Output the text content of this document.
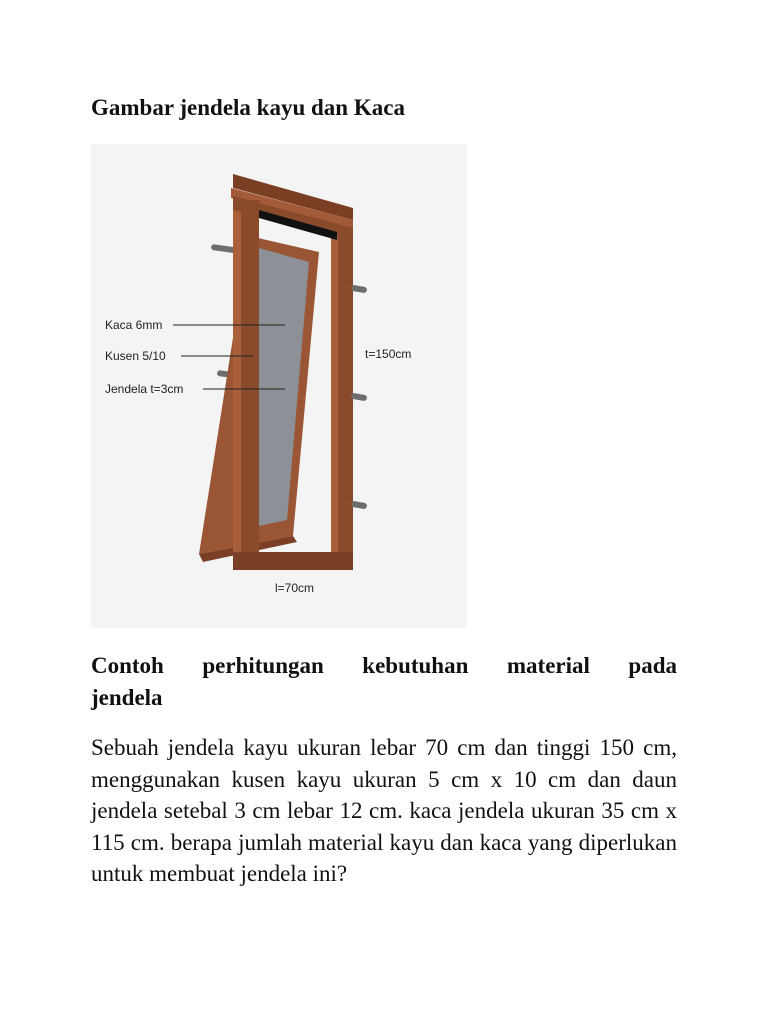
Gambar jendela kayu dan Kaca
Kaca 6mm
Kusen 5/10
Jendela t=3cm
t=150cm
l=70cm
Contoh perhitungan kebutuhan material pada
jendela

Sebuah jendela kayu ukuran lebar 70 cm dan tinggi 150 cm, menggunakan kusen kayu ukuran 5 cm x 10 cm dan daun jendela setebal 3 cm lebar 12 cm. kaca jendela ukuran 35 cm x 115 cm. berapa jumlah material kayu dan kaca yang diperlukan untuk membuat jendela ini?
